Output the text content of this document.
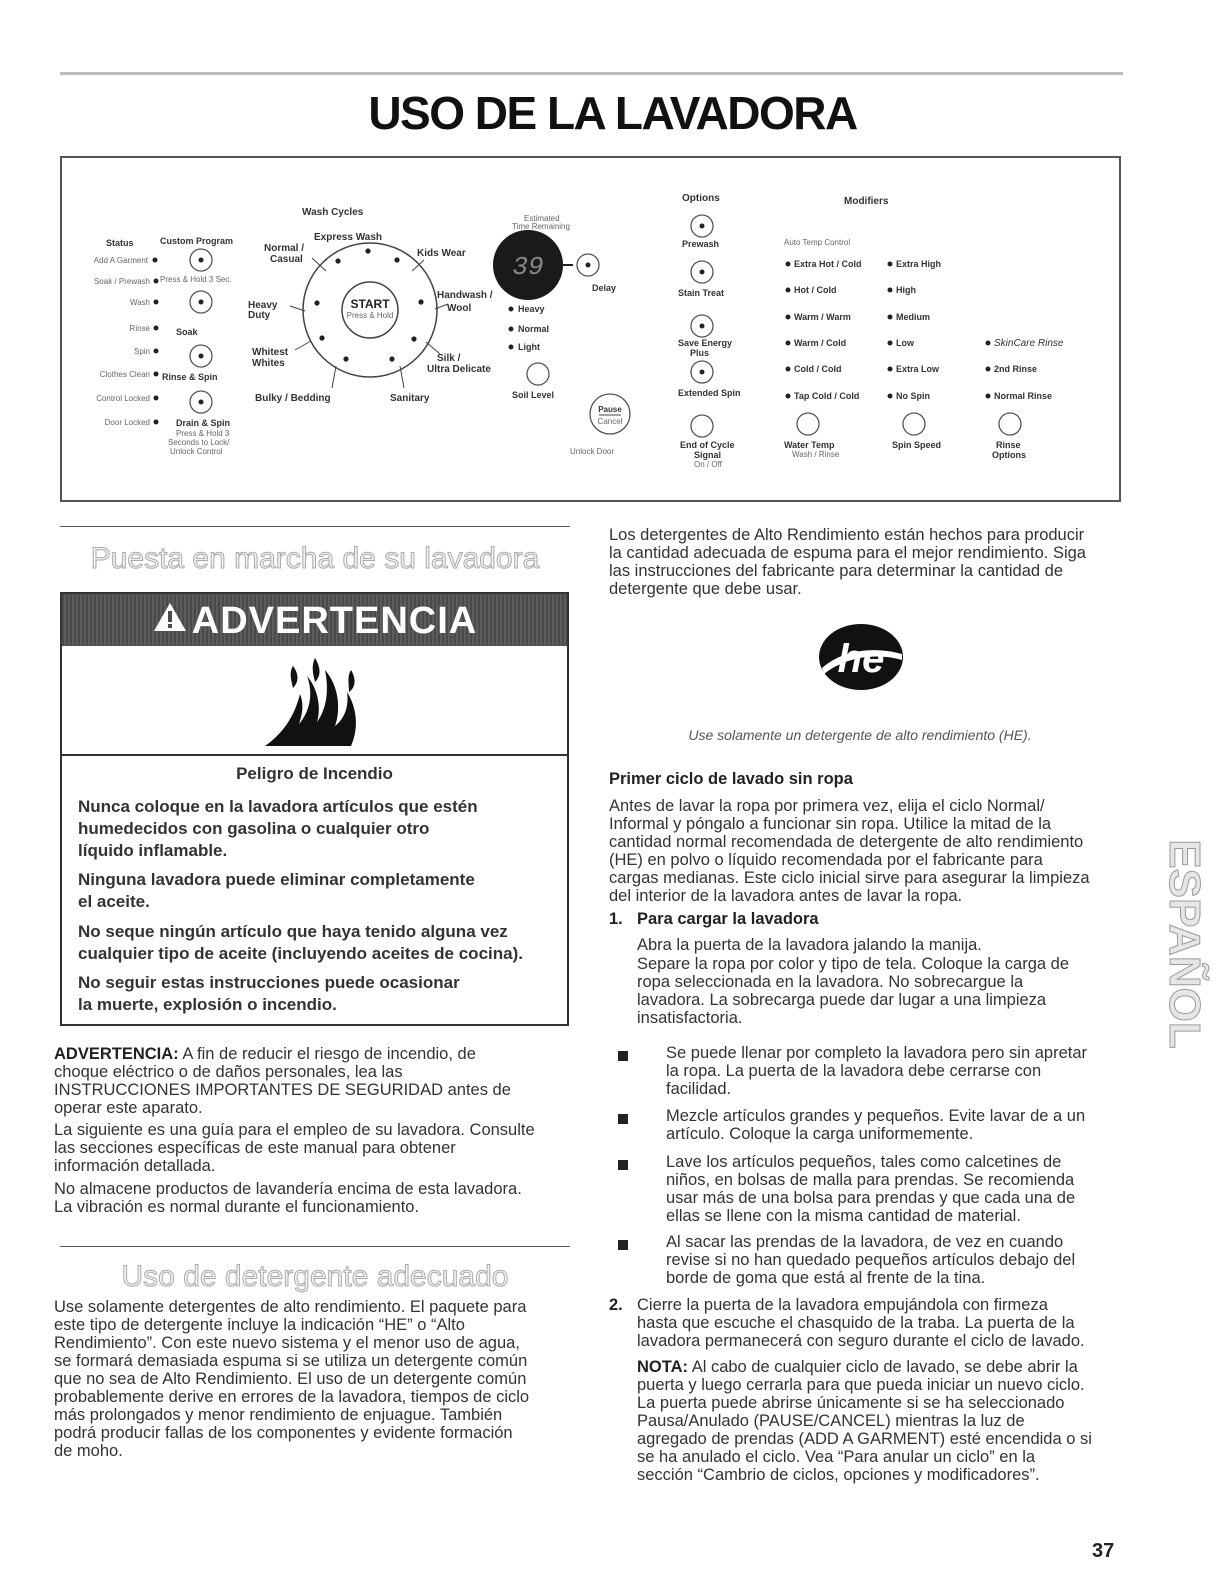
USO DE LA LAVADORA
Status	Custom Program
Add A Garment
Soak / Prewash Press & Hold 3 Sec.
Wash
Rinse
Spin
Clothes Clean
Control Locked
Door Locked
Soak
Rinse & Spin
Drain & Spin
Press & Hold 3
Seconds to Lock/
Unlock Control
Wash Cycles
Express Wash
Normal /
Casual
Kids Wear
Heavy
Duty
Handwash /
Wool
Whitest
Whites	Silk /
Ultra Delicate
Bulky / Bedding	Sanitary
START
Press & Hold
Estimated
Time Remaining
39
Delay
Heavy
Normal
Light
Soil Level
Pause
Cancel
Unlock Door
Options	Modifiers
Prewash
Stain Treat
Save Energy
Plus
Extended Spin
End of Cycle
Signal
On / Off
Auto Temp Control
Extra Hot / Cold
Hot / Cold
Warm / Warm
Warm / Cold
Cold / Cold
Tap Cold / Cold
Extra High
High
Medium
Low
Extra Low
No Spin
SkinCare Rinse
2nd Rinse
Normal Rinse
Water Temp
Wash / Rinse
Spin Speed	Rinse
Options
Puesta en marcha de su lavadora
ADVERTENCIA
Peligro de Incendio

Nunca coloque en la lavadora artículos que estén
humedecidos con gasolina o cualquier otro
líquido inflamable.

Ninguna lavadora puede eliminar completamente
el aceite.

No seque ningún artículo que haya tenido alguna vez
cualquier tipo de aceite (incluyendo aceites de cocina).

No seguir estas instrucciones puede ocasionar
la muerte, explosión o incendio.

ADVERTENCIA: A fin de reducir el riesgo de incendio, de
choque eléctrico o de daños personales, lea las
INSTRUCCIONES IMPORTANTES DE SEGURIDAD antes de
operar este aparato.

La siguiente es una guía para el empleo de su lavadora. Consulte
las secciones específicas de este manual para obtener
información detallada.

No almacene productos de lavandería encima de esta lavadora.
La vibración es normal durante el funcionamiento.

Uso de detergente adecuado

Use solamente detergentes de alto rendimiento. El paquete para
este tipo de detergente incluye la indicación “HE” o “Alto
Rendimiento”. Con este nuevo sistema y el menor uso de agua,
se formará demasiada espuma si se utiliza un detergente común
que no sea de Alto Rendimiento. El uso de un detergente común
probablemente derive en errores de la lavadora, tiempos de ciclo
más prolongados y menor rendimiento de enjuague. También
podrá producir fallas de los componentes y evidente formación
de moho.

Los detergentes de Alto Rendimiento están hechos para producir
la cantidad adecuada de espuma para el mejor rendimiento. Siga
las instrucciones del fabricante para determinar la cantidad de
detergente que debe usar.

he
Use solamente un detergente de alto rendimiento (HE).
Primer ciclo de lavado sin ropa

Antes de lavar la ropa por primera vez, elija el ciclo Normal/
Informal y póngalo a funcionar sin ropa. Utilice la mitad de la
cantidad normal recomendada de detergente de alto rendimiento
(HE) en polvo o líquido recomendada por el fabricante para
cargas medianas. Este ciclo inicial sirve para asegurar la limpieza
del interior de la lavadora antes de lavar la ropa.

1. Para cargar la lavadora

Abra la puerta de la lavadora jalando la manija.

Separe la ropa por color y tipo de tela. Coloque la carga de
ropa seleccionada en la lavadora. No sobrecargue la
lavadora. La sobrecarga puede dar lugar a una limpieza
insatisfactoria.

Se puede llenar por completo la lavadora pero sin apretar
la ropa. La puerta de la lavadora debe cerrarse con
facilidad.

Mezcle artículos grandes y pequeños. Evite lavar de a un
artículo. Coloque la carga uniformemente.

Lave los artículos pequeños, tales como calcetines de
niños, en bolsas de malla para prendas. Se recomienda
usar más de una bolsa para prendas y que cada una de
ellas se llene con la misma cantidad de material.

Al sacar las prendas de la lavadora, de vez en cuando
revise si no han quedado pequeños artículos debajo del
borde de goma que está al frente de la tina.

2. Cierre la puerta de la lavadora empujándola con firmeza
hasta que escuche el chasquido de la traba. La puerta de la
lavadora permanecerá con seguro durante el ciclo de lavado.

NOTA: Al cabo de cualquier ciclo de lavado, se debe abrir la
puerta y luego cerrarla para que pueda iniciar un nuevo ciclo.
La puerta puede abrirse únicamente si se ha seleccionado
Pausa/Anulado (PAUSE/CANCEL) mientras la luz de
agregado de prendas (ADD A GARMENT) esté encendida o si
se ha anulado el ciclo. Vea “Para anular un ciclo” en la
sección “Cambrio de ciclos, opciones y modificadores”.

ESPAÑOL
37
